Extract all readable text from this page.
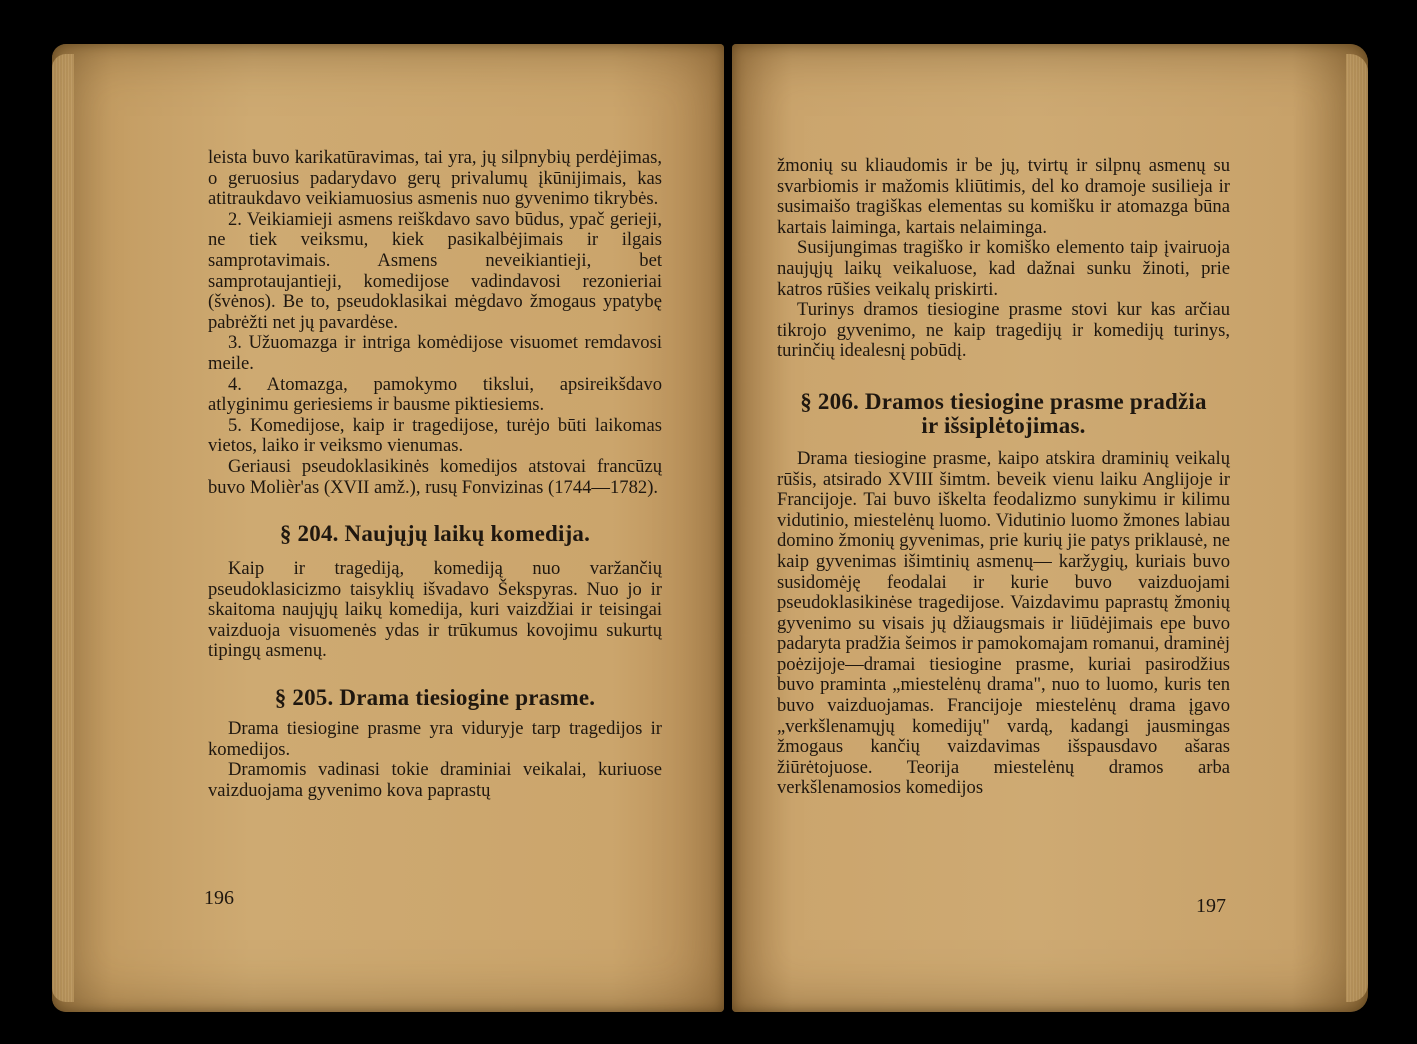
leista buvo karikatūravimas, tai yra, jų silpnybių perdėjimas, o geruosius padarydavo gerų privalumų įkūnijimais, kas atitraukdavo veikiamuosius asmenis nuo gyvenimo tikrybės.

2. Veikiamieji asmens reiškdavo savo būdus, ypač gerieji, ne tiek veiksmu, kiek pasikalbėjimais ir ilgais samprotavimais. Asmens neveikiantieji, bet samprotaujantieji, komedijose vadindavosi rezonieriai (švėnos). Be to, pseudoklasikai mėgdavo žmogaus ypatybę pabrėžti net jų pavardėse.

3. Užuomazga ir intriga komėdijose visuomet remdavosi meile.

4. Atomazga, pamokymo tikslui, apsireikšdavo atlyginimu geriesiems ir bausme piktiesiems.

5. Komedijose, kaip ir tragedijose, turėjo būti laikomas vietos, laiko ir veiksmo vienumas.

Geriausi pseudoklasikinės komedijos atstovai francūzų buvo Molièr'as (XVII amž.), rusų Fonvizinas (1744—1782).

§ 204. Naujųjų laikų komedija.

Kaip ir tragediją, komediją nuo varžančių pseudoklasicizmo taisyklių išvadavo Šekspyras. Nuo jo ir skaitoma naujųjų laikų komedija, kuri vaizdžiai ir teisingai vaizduoja visuomenės ydas ir trūkumus kovojimu sukurtų tipingų asmenų.

§ 205. Drama tiesiogine prasme.

Drama tiesiogine prasme yra viduryje tarp tragedijos ir komedijos.

Dramomis vadinasi tokie draminiai veikalai, kuriuose vaizduojama gyvenimo kova paprastų

196

žmonių su kliaudomis ir be jų, tvirtų ir silpnų asmenų su svarbiomis ir mažomis kliūtimis, del ko dramoje susilieja ir susimaišo tragiškas elementas su komišku ir atomazga būna kartais laiminga, kartais nelaiminga.

Susijungimas tragiško ir komiško elemento taip įvairuoja naujųjų laikų veikaluose, kad dažnai sunku žinoti, prie katros rūšies veikalų priskirti.

Turinys dramos tiesiogine prasme stovi kur kas arčiau tikrojo gyvenimo, ne kaip tragedijų ir komedijų turinys, turinčių idealesnį pobūdį.

§ 206. Dramos tiesiogine prasme pradžia
ir išsiplėtojimas.

Drama tiesiogine prasme, kaipo atskira draminių veikalų rūšis, atsirado XVIII šimtm. beveik vienu laiku Anglijoje ir Francijoje. Tai buvo iškelta feodalizmo sunykimu ir kilimu vidutinio, miestelėnų luomo. Vidutinio luomo žmones labiau domino žmonių gyvenimas, prie kurių jie patys priklausė, ne kaip gyvenimas išimtinių asmenų— karžygių, kuriais buvo susidomėję feodalai ir kurie buvo vaizduojami pseudoklasikinėse tragedijose. Vaizdavimu paprastų žmonių gyvenimo su visais jų džiaugsmais ir liūdėjimais epe buvo padaryta pradžia šeimos ir pamokomajam romanui, draminėj poėzijoje—dramai tiesiogine prasme, kuriai pasirodžius buvo praminta „miestelėnų drama", nuo to luomo, kuris ten buvo vaizduojamas. Francijoje miestelėnų drama įgavo „verkšlenamųjų komedijų" vardą, kadangi jausmingas žmogaus kančių vaizdavimas išspausdavo ašaras žiūrėtojuose. Teorija miestelėnų dramos arba verkšlenamosios komedijos

197
